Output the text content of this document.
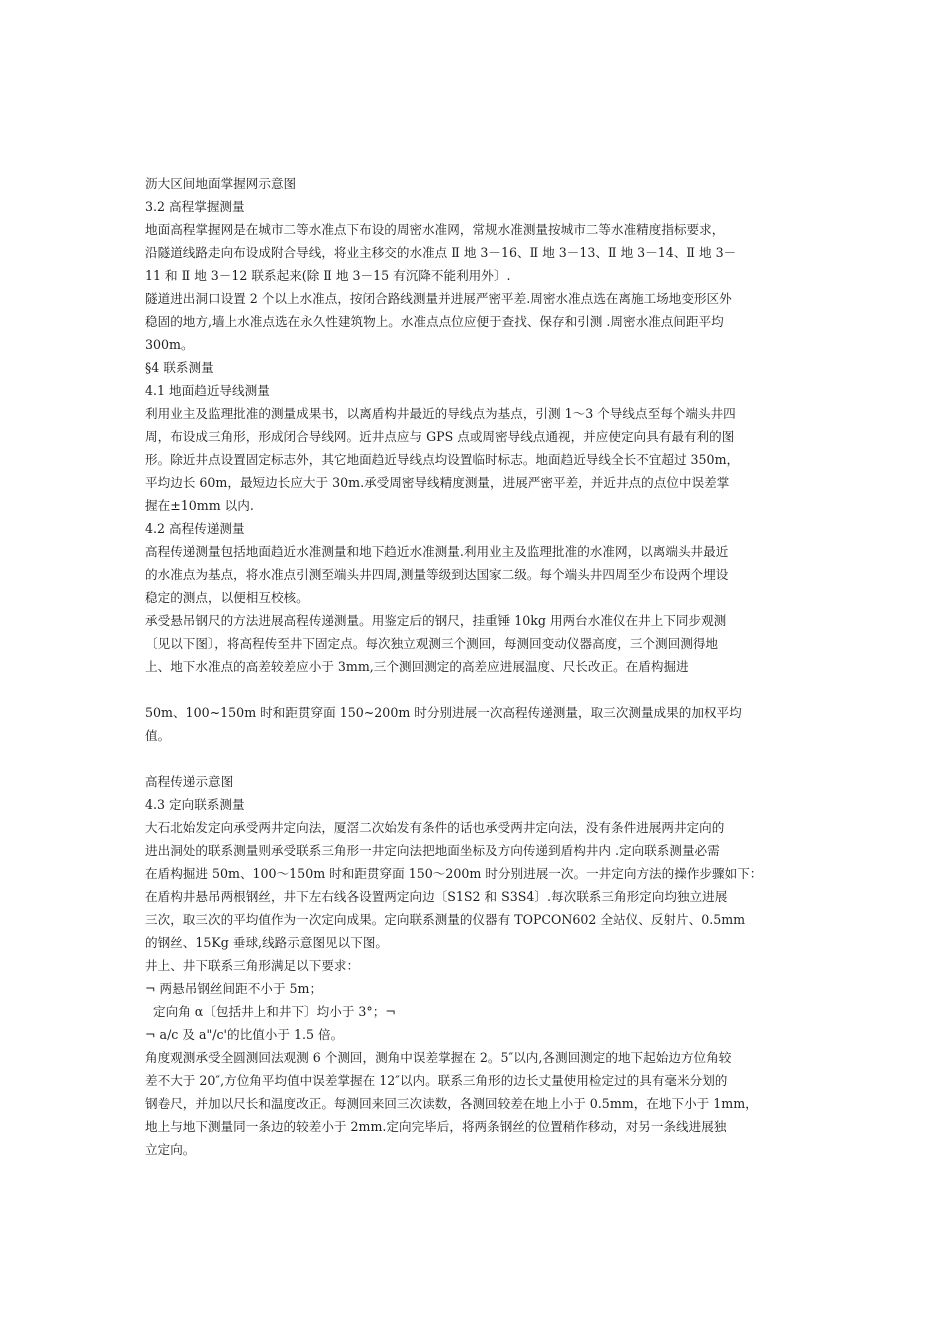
沥大区间地面掌握网示意图
3.2 高程掌握测量
地面高程掌握网是在城市二等水准点下布设的周密水准网，常规水准测量按城市二等水准精度指标要求，
沿隧道线路走向布设成附合导线，将业主移交的水准点 Ⅱ 地 3－16、Ⅱ 地 3－13、Ⅱ 地 3－14、Ⅱ 地 3－
11 和 Ⅱ 地 3－12 联系起来(除 Ⅱ 地 3－15 有沉降不能利用外〕.
隧道进出洞口设置 2 个以上水准点，按闭合路线测量并进展严密平差.周密水准点选在离施工场地变形区外
稳固的地方,墙上水准点选在永久性建筑物上。水准点点位应便于查找、保存和引测 .周密水准点间距平均
300m。
§4 联系测量
4.1 地面趋近导线测量
利用业主及监理批准的测量成果书，以离盾构井最近的导线点为基点，引测 1～3 个导线点至每个端头井四
周，布设成三角形，形成闭合导线网。近井点应与 GPS 点或周密导线点通视，并应使定向具有最有利的图
形。除近井点设置固定标志外，其它地面趋近导线点均设置临时标志。地面趋近导线全长不宜超过 350m，
平均边长 60m，最短边长应大于 30m.承受周密导线精度测量，进展严密平差，并近井点的点位中误差掌
握在±10mm 以内.
4.2 高程传递测量
高程传递测量包括地面趋近水准测量和地下趋近水准测量.利用业主及监理批准的水准网，以离端头井最近
的水准点为基点，将水准点引测至端头井四周,测量等级到达国家二级。每个端头井四周至少布设两个埋设
稳定的测点，以便相互校核。
承受悬吊钢尺的方法进展高程传递测量。用鉴定后的钢尺，挂重锤 10kg 用两台水准仪在井上下同步观测
〔见以下图〕，将高程传至井下固定点。每次独立观测三个测回，每测回变动仪器高度，三个测回测得地
上、地下水准点的高差较差应小于 3mm,三个测回测定的高差应进展温度、尺长改正。在盾构掘进
50m、100~150m 时和距贯穿面 150~200m 时分别进展一次高程传递测量，取三次测量成果的加权平均
值。
高程传递示意图
4.3 定向联系测量
大石北始发定向承受两井定向法，厦滘二次始发有条件的话也承受两井定向法，没有条件进展两井定向的
进出洞处的联系测量则承受联系三角形一井定向法把地面坐标及方向传递到盾构井内 .定向联系测量必需
在盾构掘进 50m、100～150m 时和距贯穿面 150～200m 时分别进展一次。一井定向方法的操作步骤如下：
在盾构井悬吊两根钢丝，井下左右线各设置两定向边〔S1S2 和 S3S4〕.每次联系三角形定向均独立进展
三次，取三次的平均值作为一次定向成果。定向联系测量的仪器有 TOPCON602 全站仪、反射片、0.5mm
的钢丝、15Kg 垂球,线路示意图见以下图。
井上、井下联系三角形满足以下要求：
¬ 两悬吊钢丝间距不小于 5m；
定向角 α〔包括井上和井下〕均小于 3°；¬
¬ a/c 及 a"/c'的比值小于 1.5 倍。
角度观测承受全圆测回法观测 6 个测回，测角中误差掌握在 2。5″以内,各测回测定的地下起始边方位角较
差不大于 20″,方位角平均值中误差掌握在 12″以内。联系三角形的边长丈量使用检定过的具有毫米分划的
钢卷尺，并加以尺长和温度改正。每测回来回三次读数，各测回较差在地上小于 0.5mm，在地下小于 1mm，
地上与地下测量同一条边的较差小于 2mm.定向完毕后，将两条钢丝的位置稍作移动，对另一条线进展独
立定向。
